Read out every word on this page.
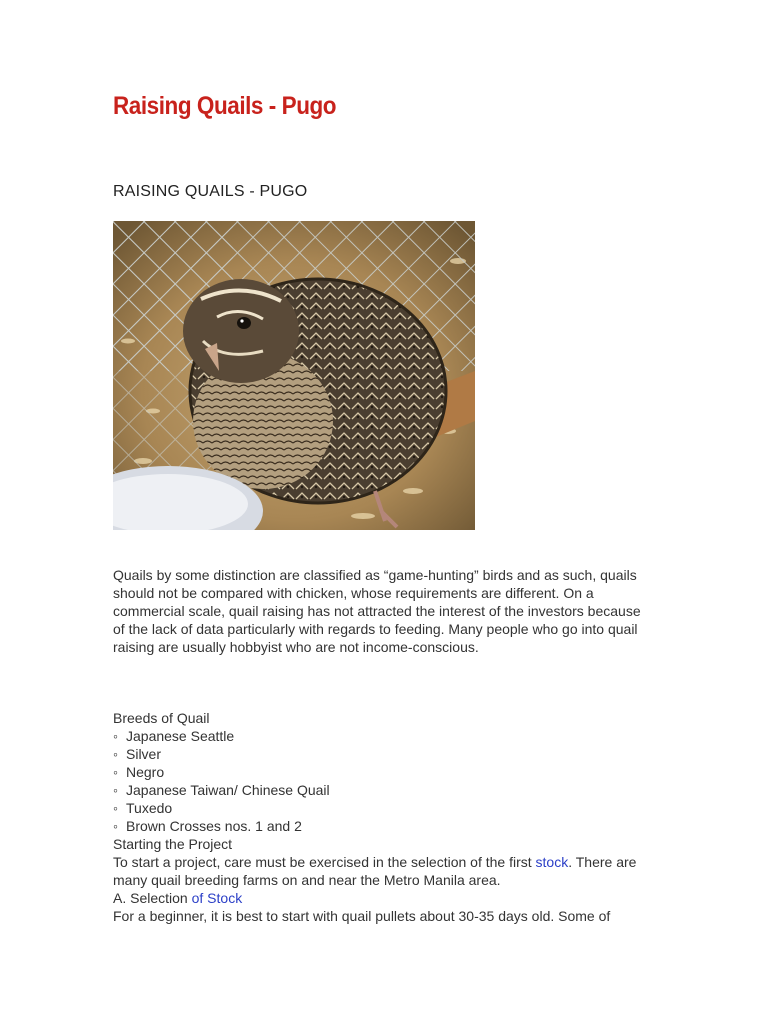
Raising Quails - Pugo
RAISING QUAILS - PUGO

Quails by some distinction are classified as “game-hunting” birds and as such, quails should not be compared with chicken, whose requirements are different. On a commercial scale, quail raising has not attracted the interest of the investors because of the lack of data particularly with regards to feeding. Many people who go into quail raising are usually hobbyist who are not income-conscious.

Breeds of Quail

◦ Japanese Seattle
◦ Silver
◦ Negro
◦ Japanese Taiwan/ Chinese Quail
◦ Tuxedo
◦ Brown Crosses nos. 1 and 2

Starting the Project

To start a project, care must be exercised in the selection of the first stock. There are many quail breeding farms on and near the Metro Manila area.

A. Selection of Stock

For a beginner, it is best to start with quail pullets about 30-35 days old. Some of
